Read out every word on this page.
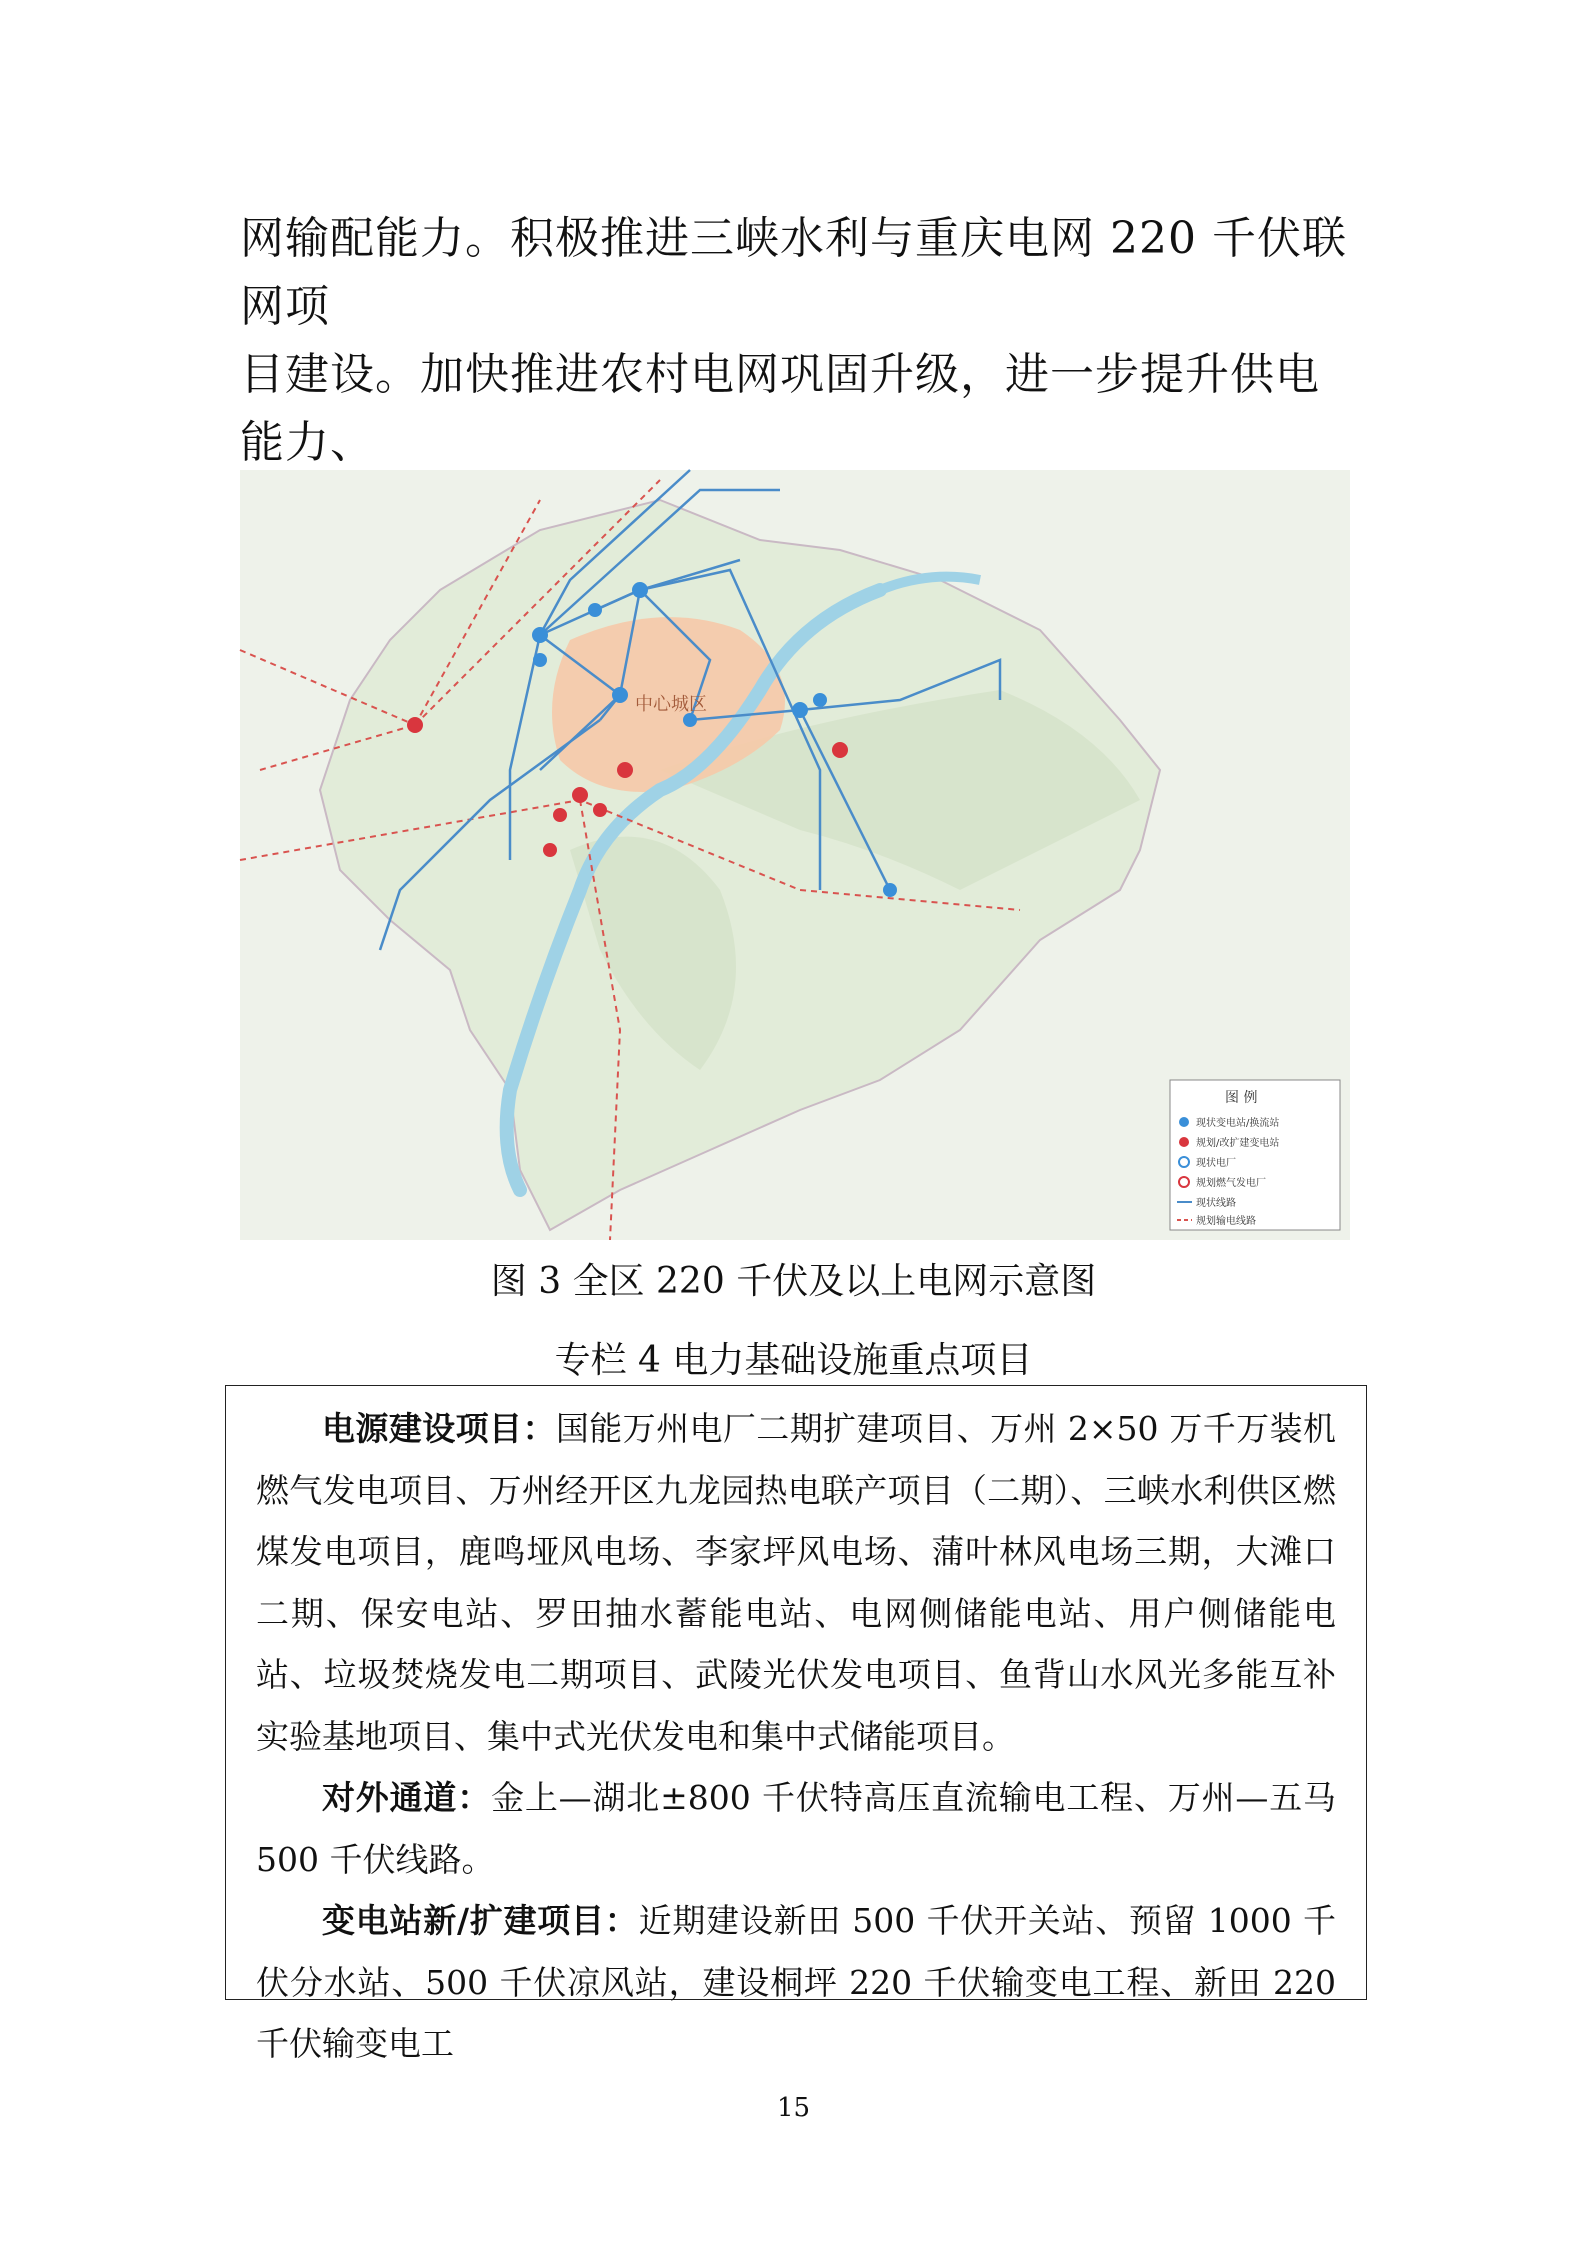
网输配能力。积极推进三峡水利与重庆电网 220 千伏联网项

目建设。加快推进农村电网巩固升级，进一步提升供电能力、

中心城区
图 例
现状变电站/换流站
规划/改扩建变电站
现状电厂
规划燃气发电厂
现状线路
规划输电线路
图 3 全区 220 千伏及以上电网示意图
专栏 4 电力基础设施重点项目

电源建设项目：国能万州电厂二期扩建项目、万州 2×50 万千万装机燃气发电项目、万州经开区九龙园热电联产项目（二期）、三峡水利供区燃煤发电项目，鹿鸣垭风电场、李家坪风电场、蒲叶林风电场三期，大滩口二期、保安电站、罗田抽水蓄能电站、电网侧储能电站、用户侧储能电站、垃圾焚烧发电二期项目、武陵光伏发电项目、鱼背山水风光多能互补实验基地项目、集中式光伏发电和集中式储能项目。

对外通道：金上—湖北±800 千伏特高压直流输电工程、万州—五马 500 千伏线路。

变电站新/扩建项目：近期建设新田 500 千伏开关站、预留 1000 千伏分水站、500 千伏凉风站，建设桐坪 220 千伏输变电工程、新田 220 千伏输变电工

15
